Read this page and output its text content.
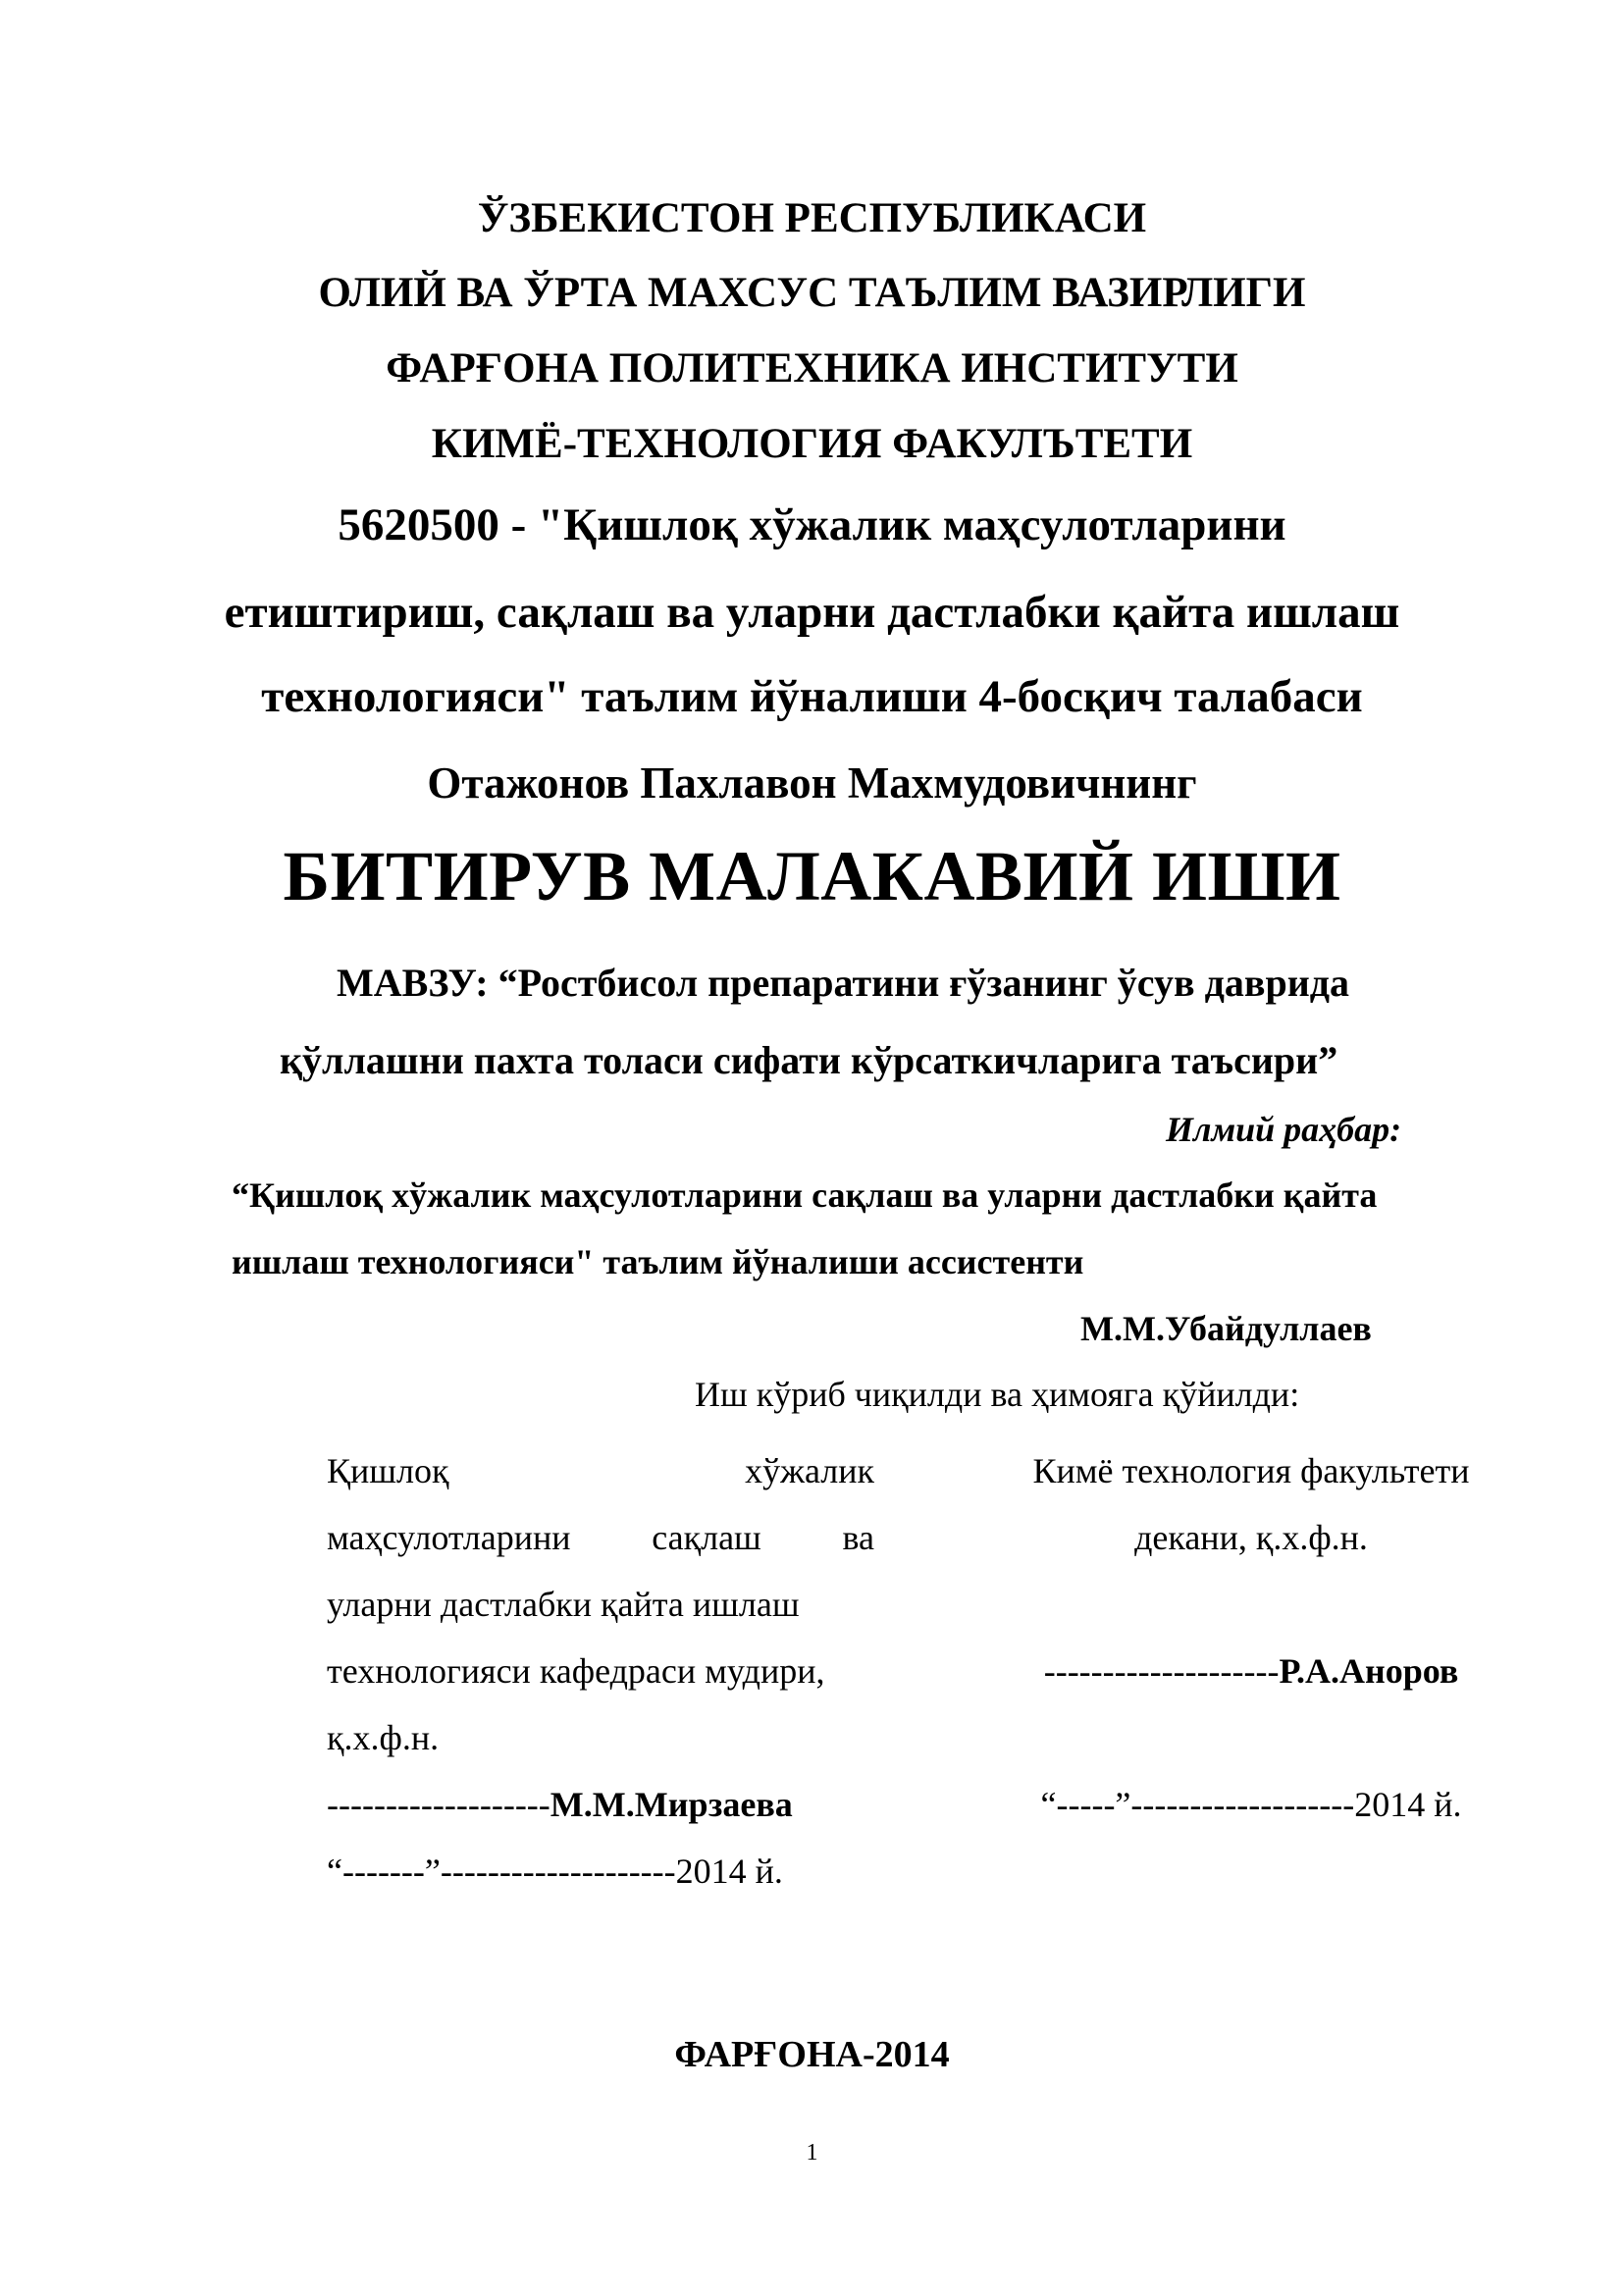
ЎЗБЕКИСТОН РЕСПУБЛИКАСИ
ОЛИЙ ВА ЎРТА МАХСУС ТАЪЛИМ ВАЗИРЛИГИ
ФАРҒОНА ПОЛИТЕХНИКА ИНСТИТУТИ
КИМЁ-ТЕХНОЛОГИЯ ФАКУЛЪТЕТИ
5620500 - "Қишлоқ хўжалик маҳсулотларини
етиштириш, сақлаш ва уларни дастлабки қайта ишлаш
технологияси" таълим йўналиши 4-босқич талабаси
Отажонов Пахлавон Махмудовичнинг
БИТИРУВ МАЛАКАВИЙ ИШИ
МАВЗУ: “Ростбисол препаратини ғўзанинг ўсув даврида
қўллашни пахта толаси сифати кўрсаткичларига таъсири”
Илмий раҳбар:
“Қишлоқ хўжалик маҳсулотларини сақлаш ва уларни дастлабки қайта
ишлаш технологияси" таълим йўналиши ассистенти
М.М.Убайдуллаев
Иш кўриб чиқилди ва ҳимояга қўйилди:
Қишлоқ	хўжалик
маҳсулотларини сақлаш ва
уларни дастлабки қайта ишлаш
технологияси кафедраси мудири,
қ.х.ф.н.
-------------------М.М.Мирзаева
“-------”--------------------2014 й.
Кимё технология факультети
декани, қ.х.ф.н.
--------------------Р.А.Аноров
“-----”-------------------2014 й.
ФАРҒОНА-2014
1
